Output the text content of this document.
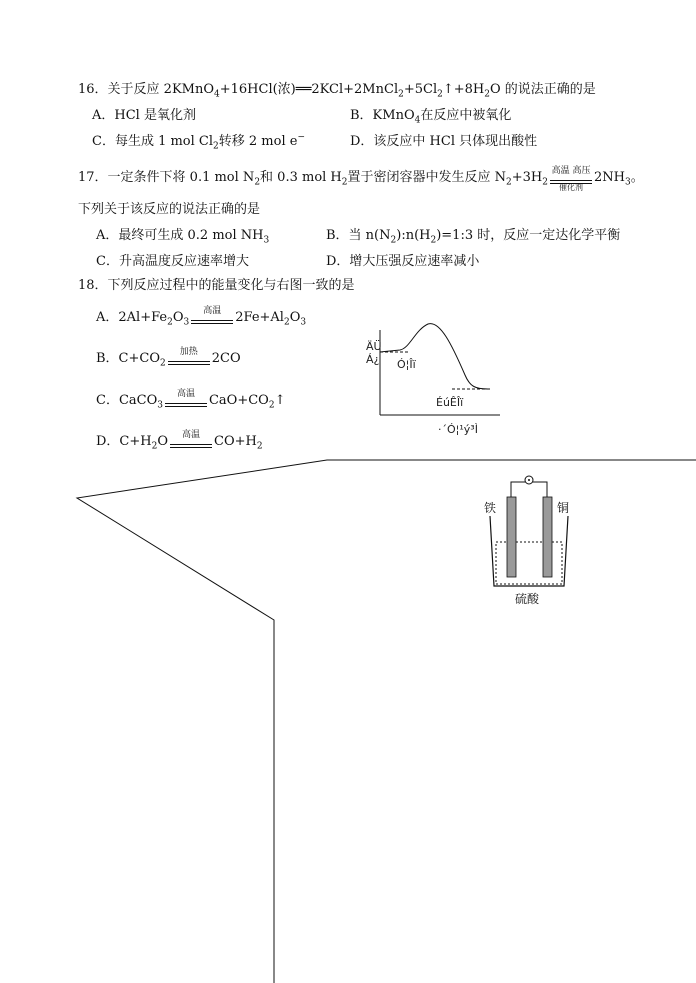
16．关于反应 2KMnO$_4$+16HCl(浓)$══2KCl+2MnCl_2+5Cl_2↑+8H_2O$ 的说法正确的是
A．HCl 是氧化剂	B．KMnO$_4$在反应中被氧化
C．每生成 1 mol $Cl_2$转移 2 mol e−	D．该反应中 HCl 只体现出酸性
17．一定条件下将 0.1 mol $N_2$和 0.3 mol $H_2$置于密闭容器中发生反应 $N_2+3H_2$
高温 高压
催化剂
$2NH_3$。
下列关于该反应的说法正确的是
A．最终可生成 0.2 mol $NH_3$	B．当 $n(N_2):n(H_2)=1:3$ 时，反应一定达化学平衡
C．升高温度反应速率增大	D．增大压强反应速率减小
18．下列反应过程中的能量变化与右图一致的是
A．$2Al+Fe_2O_3$
高温	$2Fe+Al_2O_3$
B．$C+CO_2$
加热	2CO
C．CaCO$_3$
高温	$CaO+CO_2↑$
D．$C+H_2O$	高温	$CO+H_2$
ÄÜ
Á¿ Ó¦Îï
ÉúÊÎï
·´Ó¦¹ý³Ì
铁	铜
硫酸
